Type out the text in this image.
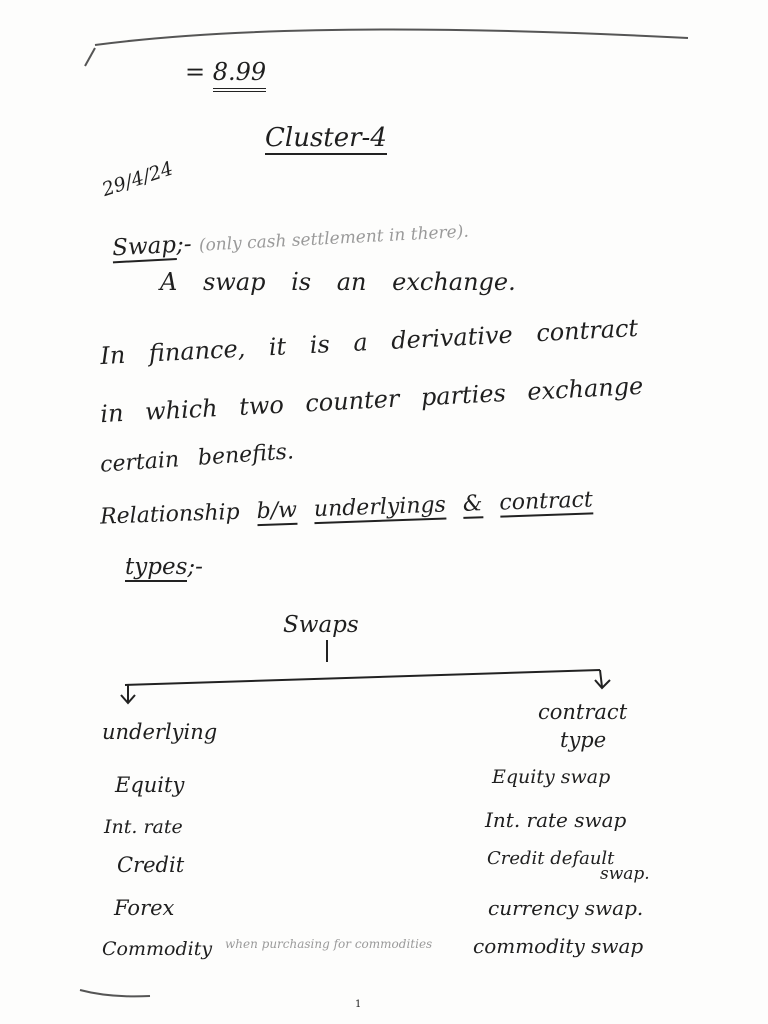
= 8.99
Cluster-4
29/4/24
Swap;- (only cash settlement in there).
A swap is an exchange.
In finance, it is a derivative contract
in which two counter parties exchange
certain benefits.
Relationship b/w underlyings & contract
types;-
Swaps
underlying
contract
type
Equity
Int. rate
Credit
Forex
Commodity
Equity swap
Int. rate swap
Credit default
swap.
currency swap.
commodity swap
when purchasing for commodities
1
